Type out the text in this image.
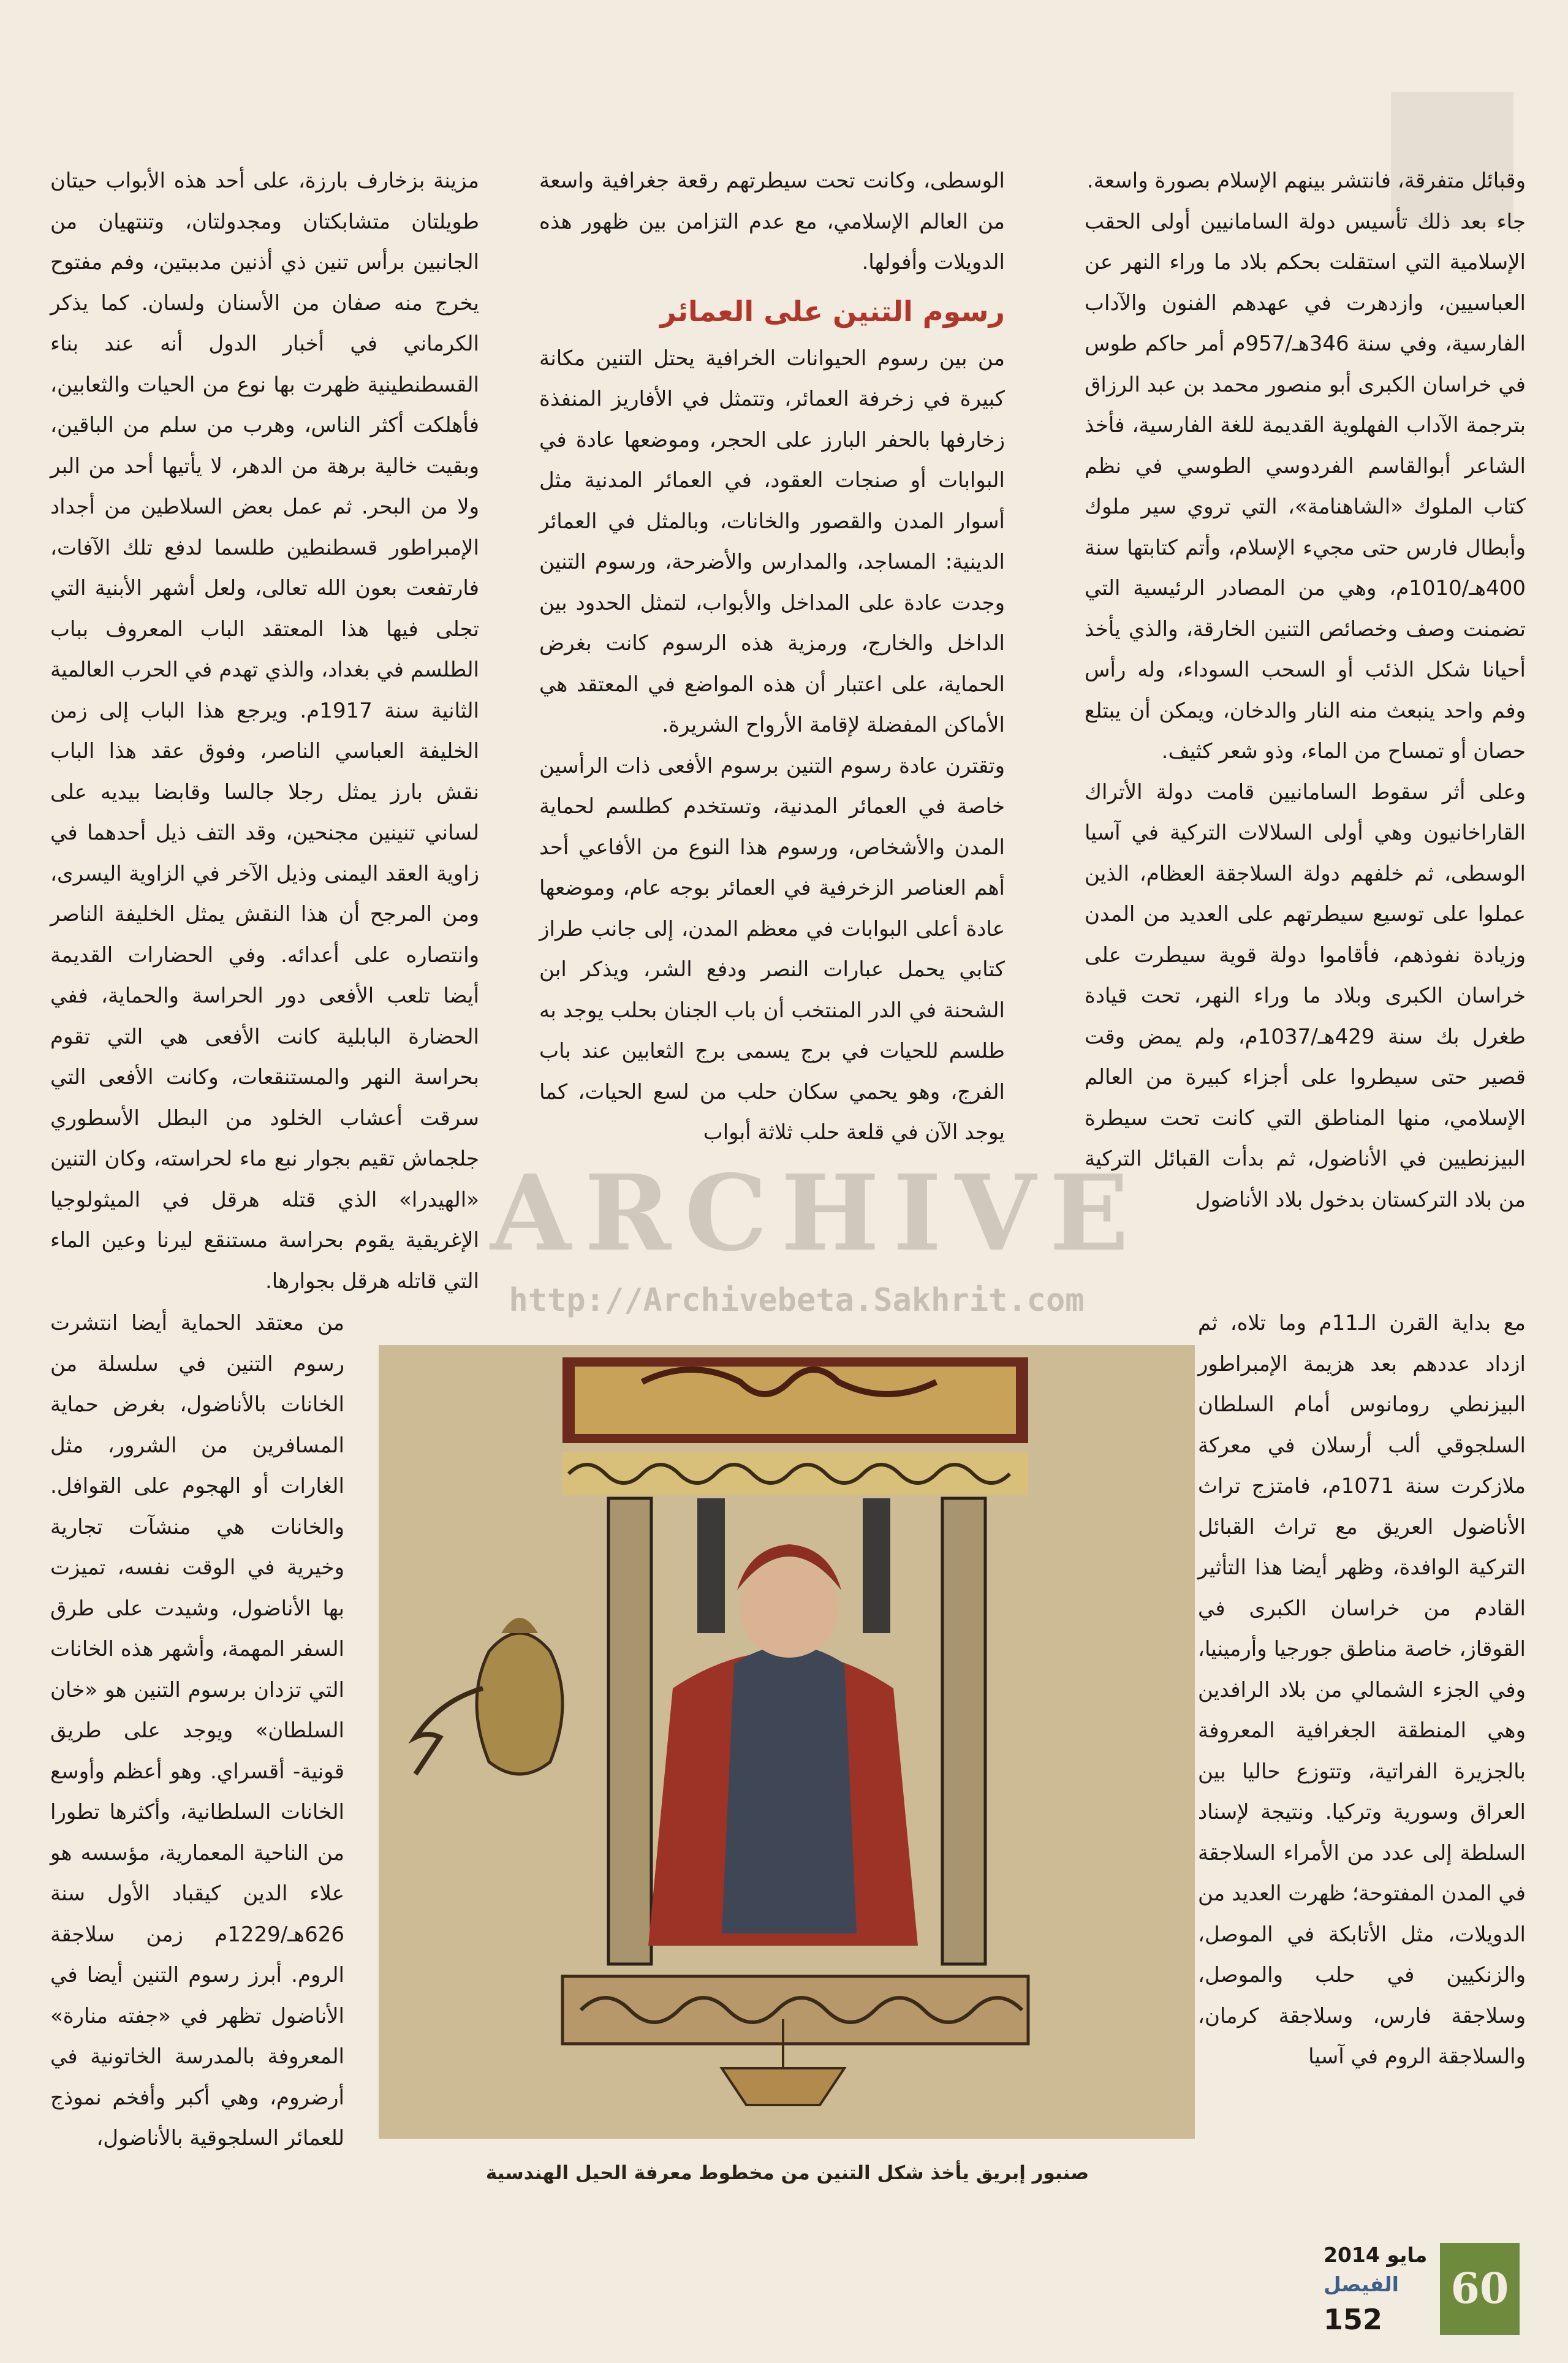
وقبائل متفرقة، فانتشر بينهم الإسلام بصورة واسعة.

جاء بعد ذلك تأسيس دولة السامانيين أولى الحقب الإسلامية التي استقلت بحكم بلاد ما وراء النهر عن العباسيين، وازدهرت في عهدهم الفنون والآداب الفارسية، وفي سنة 346هـ/957م أمر حاكم طوس في خراسان الكبرى أبو منصور محمد بن عبد الرزاق بترجمة الآداب الفهلوية القديمة للغة الفارسية، فأخذ الشاعر أبوالقاسم الفردوسي الطوسي في نظم كتاب الملوك «الشاهنامة»، التي تروي سير ملوك وأبطال فارس حتى مجيء الإسلام، وأتم كتابتها سنة 400هـ/1010م، وهي من المصادر الرئيسية التي تضمنت وصف وخصائص التنين الخارقة، والذي يأخذ أحيانا شكل الذئب أو السحب السوداء، وله رأس وفم واحد ينبعث منه النار والدخان، ويمكن أن يبتلع حصان أو تمساح من الماء، وذو شعر كثيف.

وعلى أثر سقوط السامانيين قامت دولة الأتراك القاراخانيون وهي أولى السلالات التركية في آسيا الوسطى، ثم خلفهم دولة السلاجقة العظام، الذين عملوا على توسيع سيطرتهم على العديد من المدن وزيادة نفوذهم، فأقاموا دولة قوية سيطرت على خراسان الكبرى وبلاد ما وراء النهر، تحت قيادة طغرل بك سنة 429هـ/1037م، ولم يمض وقت قصير حتى سيطروا على أجزاء كبيرة من العالم الإسلامي، منها المناطق التي كانت تحت سيطرة البيزنطيين في الأناضول، ثم بدأت القبائل التركية من بلاد التركستان بدخول بلاد الأناضول

مع بداية القرن الـ11م وما تلاه، ثم ازداد عددهم بعد هزيمة الإمبراطور البيزنطي رومانوس أمام السلطان السلجوقي ألب أرسلان في معركة ملازكرت سنة 1071م، فامتزج تراث الأناضول العريق مع تراث القبائل التركية الوافدة، وظهر أيضا هذا التأثير القادم من خراسان الكبرى في القوقاز، خاصة مناطق جورجيا وأرمينيا، وفي الجزء الشمالي من بلاد الرافدين وهي المنطقة الجغرافية المعروفة بالجزيرة الفراتية، وتتوزع حاليا بين العراق وسورية وتركيا. ونتيجة لإسناد السلطة إلى عدد من الأمراء السلاجقة في المدن المفتوحة؛ ظهرت العديد من الدويلات، مثل الأتابكة في الموصل، والزنكيين في حلب والموصل، وسلاجقة فارس، وسلاجقة كرمان، والسلاجقة الروم في آسيا

الوسطى، وكانت تحت سيطرتهم رقعة جغرافية واسعة من العالم الإسلامي، مع عدم التزامن بين ظهور هذه الدويلات وأفولها.

رسوم التنين على العمائر

من بين رسوم الحيوانات الخرافية يحتل التنين مكانة كبيرة في زخرفة العمائر، وتتمثل في الأفاريز المنفذة زخارفها بالحفر البارز على الحجر، وموضعها عادة في البوابات أو صنجات العقود، في العمائر المدنية مثل أسوار المدن والقصور والخانات، وبالمثل في العمائر الدينية: المساجد، والمدارس والأضرحة، ورسوم التنين وجدت عادة على المداخل والأبواب، لتمثل الحدود بين الداخل والخارج، ورمزية هذه الرسوم كانت بغرض الحماية، على اعتبار أن هذه المواضع في المعتقد هي الأماكن المفضلة لإقامة الأرواح الشريرة.

وتقترن عادة رسوم التنين برسوم الأفعى ذات الرأسين خاصة في العمائر المدنية، وتستخدم كطلسم لحماية المدن والأشخاص، ورسوم هذا النوع من الأفاعي أحد أهم العناصر الزخرفية في العمائر بوجه عام، وموضعها عادة أعلى البوابات في معظم المدن، إلى جانب طراز كتابي يحمل عبارات النصر ودفع الشر، ويذكر ابن الشحنة في الدر المنتخب أن باب الجنان بحلب يوجد به طلسم للحيات في برج يسمى برج الثعابين عند باب الفرج، وهو يحمي سكان حلب من لسع الحيات، كما يوجد الآن في قلعة حلب ثلاثة أبواب

مزينة بزخارف بارزة، على أحد هذه الأبواب حيتان طويلتان متشابكتان ومجدولتان، وتنتهيان من الجانبين برأس تنين ذي أذنين مدببتين، وفم مفتوح يخرج منه صفان من الأسنان ولسان. كما يذكر الكرماني في أخبار الدول أنه عند بناء القسطنطينية ظهرت بها نوع من الحيات والثعابين، فأهلكت أكثر الناس، وهرب من سلم من الباقين، وبقيت خالية برهة من الدهر، لا يأتيها أحد من البر ولا من البحر. ثم عمل بعض السلاطين من أجداد الإمبراطور قسطنطين طلسما لدفع تلك الآفات، فارتفعت بعون الله تعالى، ولعل أشهر الأبنية التي تجلى فيها هذا المعتقد الباب المعروف بباب الطلسم في بغداد، والذي تهدم في الحرب العالمية الثانية سنة 1917م. ويرجع هذا الباب إلى زمن الخليفة العباسي الناصر، وفوق عقد هذا الباب نقش بارز يمثل رجلا جالسا وقابضا بيديه على لساني تنينين مجنحين، وقد التف ذيل أحدهما في زاوية العقد اليمنى وذيل الآخر في الزاوية اليسرى، ومن المرجح أن هذا النقش يمثل الخليفة الناصر وانتصاره على أعدائه. وفي الحضارات القديمة أيضا تلعب الأفعى دور الحراسة والحماية، ففي الحضارة البابلية كانت الأفعى هي التي تقوم بحراسة النهر والمستنقعات، وكانت الأفعى التي سرقت أعشاب الخلود من البطل الأسطوري جلجماش تقيم بجوار نبع ماء لحراسته، وكان التنين «الهيدرا» الذي قتله هرقل في الميثولوجيا الإغريقية يقوم بحراسة مستنقع ليرنا وعين الماء التي قاتله هرقل بجوارها.

من معتقد الحماية أيضا انتشرت رسوم التنين في سلسلة من الخانات بالأناضول، بغرض حماية المسافرين من الشرور، مثل الغارات أو الهجوم على القوافل. والخانات هي منشآت تجارية وخيرية في الوقت نفسه، تميزت بها الأناضول، وشيدت على طرق السفر المهمة، وأشهر هذه الخانات التي تزدان برسوم التنين هو «خان السلطان» ويوجد على طريق قونية- أقسراي. وهو أعظم وأوسع الخانات السلطانية، وأكثرها تطورا من الناحية المعمارية، مؤسسه هو علاء الدين كيقباد الأول سنة 626هـ/1229م زمن سلاجقة الروم. أبرز رسوم التنين أيضا في الأناضول تظهر في «جفته منارة» المعروفة بالمدرسة الخاتونية في أرضروم، وهي أكبر وأفخم نموذج للعمائر السلجوقية بالأناضول،

صنبور إبريق يأخذ شكل التنين من مخطوط معرفة الحيل الهندسية
ARCHIVE
http://Archivebeta.Sakhrit.com
مايو 2014
الفيصل
152
60
